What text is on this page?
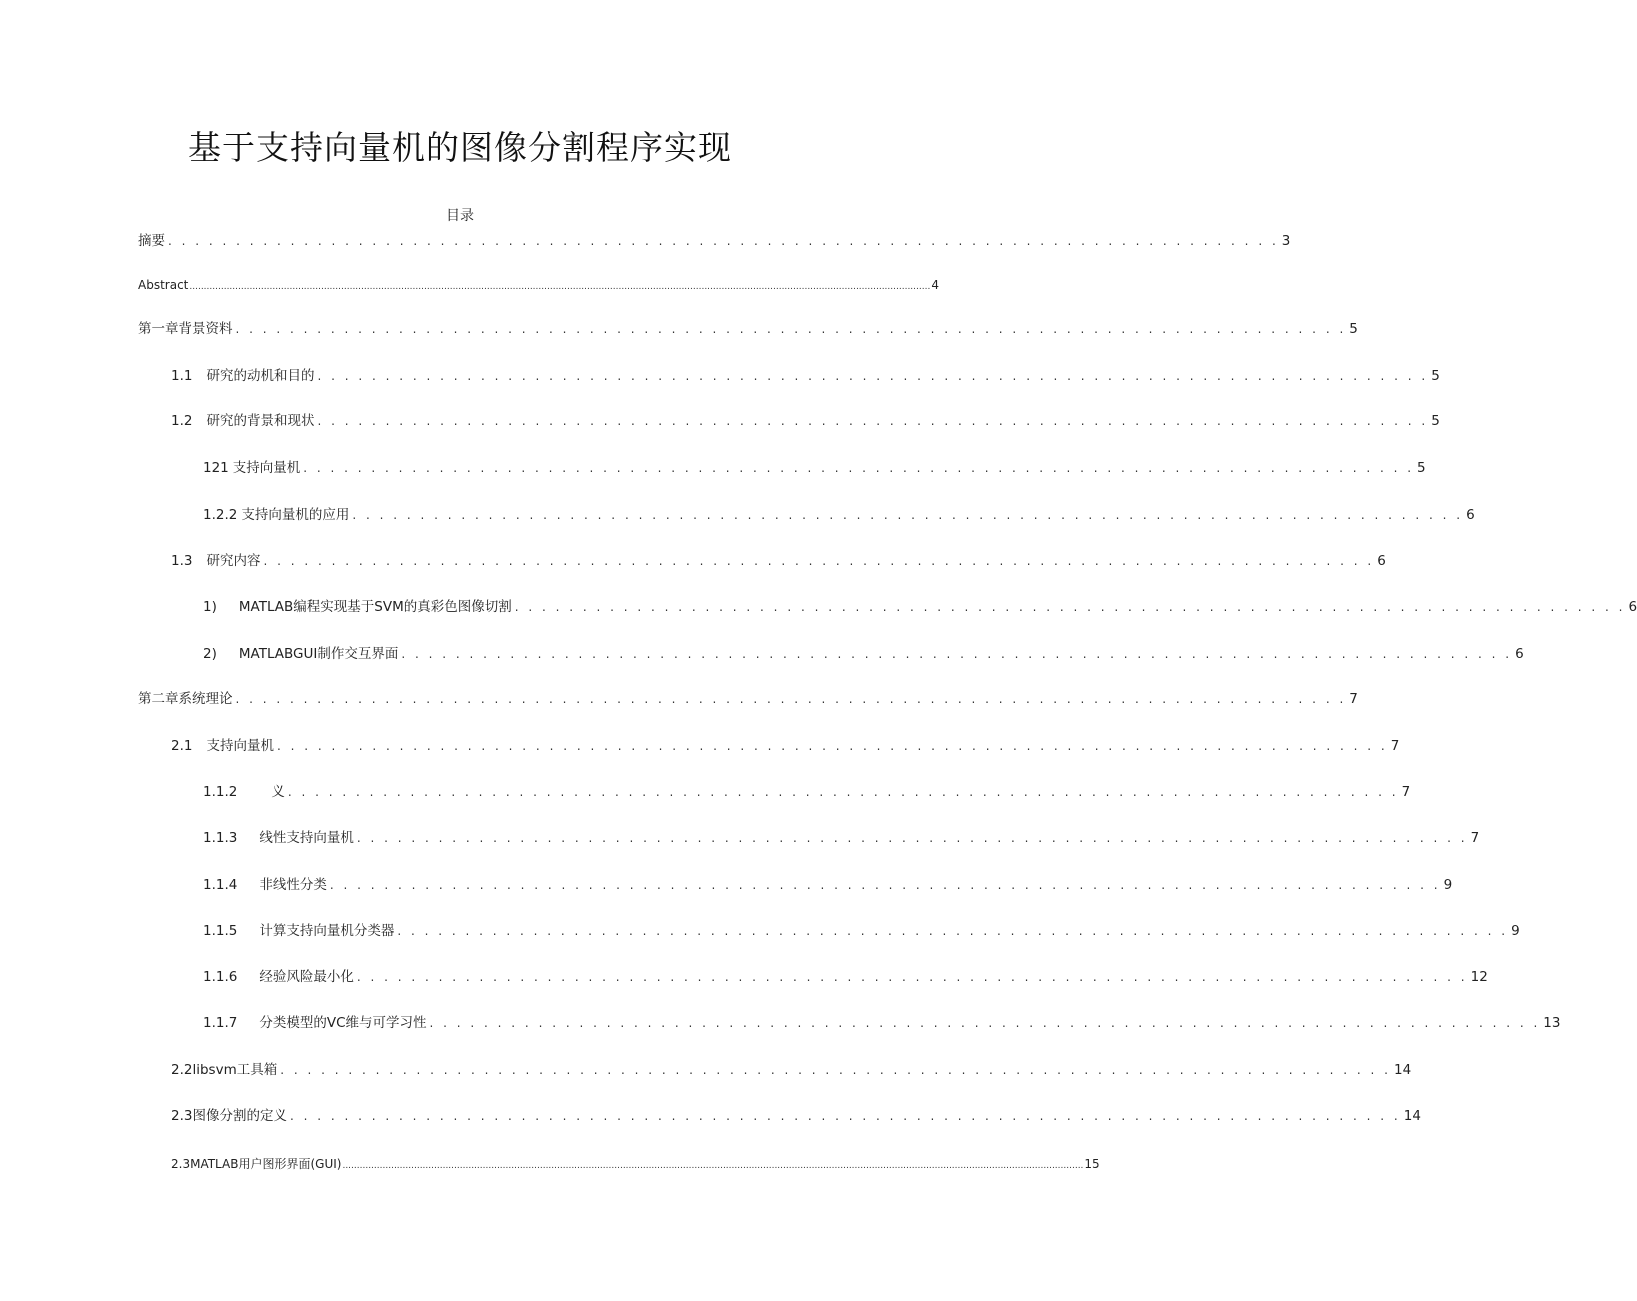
基于支持向量机的图像分割程序实现
目录
摘要 . . . . . . . . . . . . . . . . . . . . . . . . . . . . . . . . . . . . . . . . . . . . . . . . . . . . . . . . . . . . . . . . . . . . . . . . . . . . . . . . . . 3
Abstract ................................................................................................................................................................................................................................................................... 4
第一章背景资料 . . . . . . . . . . . . . . . . . . . . . . . . . . . . . . . . . . . . . . . . . . . . . . . . . . . . . . . . . . . . . . . . . . . . . . . . . . . . . . . . . . 5
1.1 研究的动机和目的 . . . . . . . . . . . . . . . . . . . . . . . . . . . . . . . . . . . . . . . . . . . . . . . . . . . . . . . . . . . . . . . . . . . . . . . . . . . . . . . . . . 5
1.2 研究的背景和现状 . . . . . . . . . . . . . . . . . . . . . . . . . . . . . . . . . . . . . . . . . . . . . . . . . . . . . . . . . . . . . . . . . . . . . . . . . . . . . . . . . . 5
121 支持向量机 . . . . . . . . . . . . . . . . . . . . . . . . . . . . . . . . . . . . . . . . . . . . . . . . . . . . . . . . . . . . . . . . . . . . . . . . . . . . . . . . . . 5
1.2.2 支持向量机的应用 . . . . . . . . . . . . . . . . . . . . . . . . . . . . . . . . . . . . . . . . . . . . . . . . . . . . . . . . . . . . . . . . . . . . . . . . . . . . . . . . . . 6
1.3 研究内容 . . . . . . . . . . . . . . . . . . . . . . . . . . . . . . . . . . . . . . . . . . . . . . . . . . . . . . . . . . . . . . . . . . . . . . . . . . . . . . . . . . 6
1) MATLAB编程实现基于SVM的真彩色图像切割 . . . . . . . . . . . . . . . . . . . . . . . . . . . . . . . . . . . . . . . . . . . . . . . . . . . . . . . . . . . . . . . . . . . . . . . . . . . . . . . . . . 6
2) MATLABGUI制作交互界面 . . . . . . . . . . . . . . . . . . . . . . . . . . . . . . . . . . . . . . . . . . . . . . . . . . . . . . . . . . . . . . . . . . . . . . . . . . . . . . . . . . 6
第二章系统理论 . . . . . . . . . . . . . . . . . . . . . . . . . . . . . . . . . . . . . . . . . . . . . . . . . . . . . . . . . . . . . . . . . . . . . . . . . . . . . . . . . . 7
2.1 支持向量机 . . . . . . . . . . . . . . . . . . . . . . . . . . . . . . . . . . . . . . . . . . . . . . . . . . . . . . . . . . . . . . . . . . . . . . . . . . . . . . . . . . 7
1.1.2	义 . . . . . . . . . . . . . . . . . . . . . . . . . . . . . . . . . . . . . . . . . . . . . . . . . . . . . . . . . . . . . . . . . . . . . . . . . . . . . . . . . . 7
1.1.3 线性支持向量机 . . . . . . . . . . . . . . . . . . . . . . . . . . . . . . . . . . . . . . . . . . . . . . . . . . . . . . . . . . . . . . . . . . . . . . . . . . . . . . . . . . 7
1.1.4 非线性分类 . . . . . . . . . . . . . . . . . . . . . . . . . . . . . . . . . . . . . . . . . . . . . . . . . . . . . . . . . . . . . . . . . . . . . . . . . . . . . . . . . . 9
1.1.5 计算支持向量机分类器 . . . . . . . . . . . . . . . . . . . . . . . . . . . . . . . . . . . . . . . . . . . . . . . . . . . . . . . . . . . . . . . . . . . . . . . . . . . . . . . . . . 9
1.1.6 经验风险最小化 . . . . . . . . . . . . . . . . . . . . . . . . . . . . . . . . . . . . . . . . . . . . . . . . . . . . . . . . . . . . . . . . . . . . . . . . . . . . . . . . . . 12
1.1.7 分类模型的VC维与可学习性 . . . . . . . . . . . . . . . . . . . . . . . . . . . . . . . . . . . . . . . . . . . . . . . . . . . . . . . . . . . . . . . . . . . . . . . . . . . . . . . . . . 13
2.2 libsvm工具箱 . . . . . . . . . . . . . . . . . . . . . . . . . . . . . . . . . . . . . . . . . . . . . . . . . . . . . . . . . . . . . . . . . . . . . . . . . . . . . . . . . . 14
2.3 图像分割的定义 . . . . . . . . . . . . . . . . . . . . . . . . . . . . . . . . . . . . . . . . . . . . . . . . . . . . . . . . . . . . . . . . . . . . . . . . . . . . . . . . . . 14
2.3 MATLAB用户图形界面(GUI) ................................................................................................................................................................................................................................................................... 15
